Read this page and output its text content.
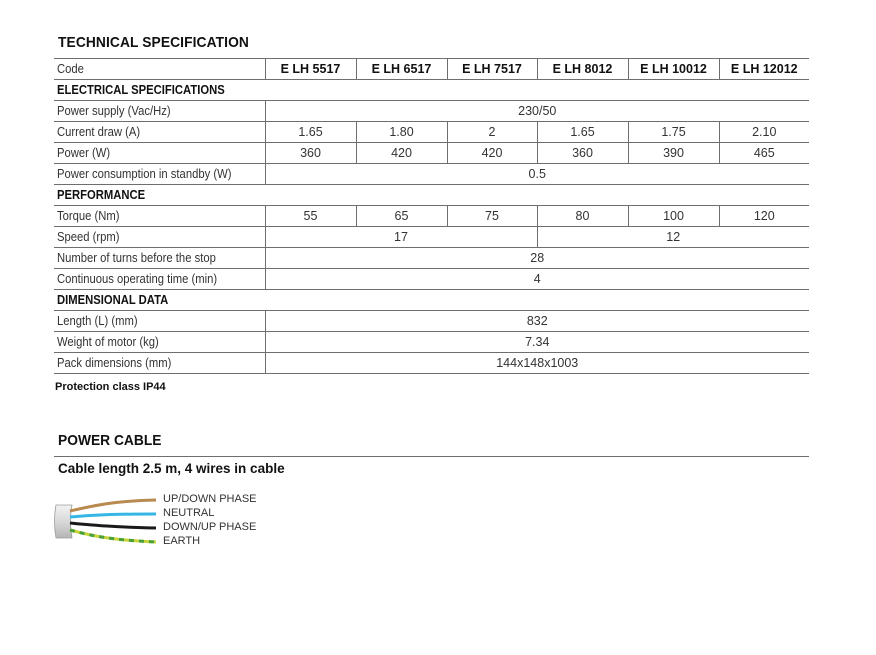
TECHNICAL SPECIFICATION
Code	E LH 5517	E LH 6517	E LH 7517	E LH 8012	E LH 10012	E LH 12012
ELECTRICAL SPECIFICATIONS						
Power supply (Vac/Hz)	230/50					
Current draw (A)	1.65	1.80	2	1.65	1.75	2.10
Power (W)	360	420	420	360	390	465
Power consumption in standby (W)	0.5					
PERFORMANCE						
Torque (Nm)	55	65	75	80	100	120
Speed (rpm)	17			12		
Number of turns before the stop	28					
Continuous operating time (min)	4					
DIMENSIONAL DATA						
Length (L) (mm)	832					
Weight of motor (kg)	7.34					
Pack dimensions (mm)	144x148x1003					
Protection class IP44
POWER CABLE
Cable length 2.5 m, 4 wires in cable
UP/DOWN PHASE
NEUTRAL
DOWN/UP PHASE
EARTH
